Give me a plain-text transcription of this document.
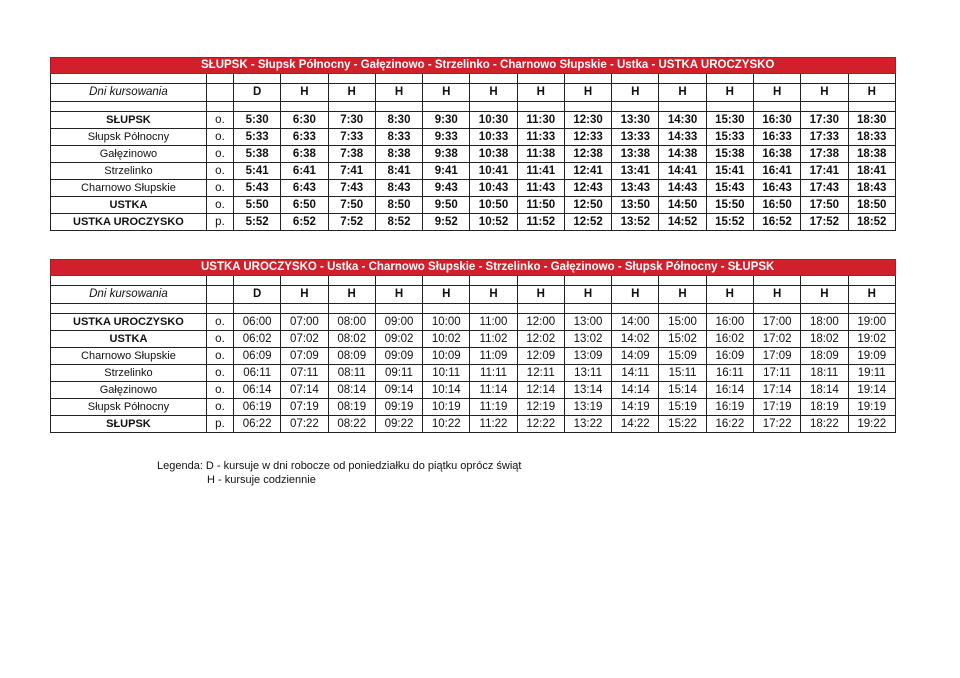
SŁUPSK - Słupsk Północny - Gałęzinowo - Strzelinko - Charnowo Słupskie - Ustka - USTKA UROCZYSKO															

Dni kursowania		D	H	H	H	H	H	H	H	H	H	H	H	H	H

SŁUPSK	o.	5:30	6:30	7:30	8:30	9:30	10:30	11:30	12:30	13:30	14:30	15:30	16:30	17:30	18:30
Słupsk Północny	o.	5:33	6:33	7:33	8:33	9:33	10:33	11:33	12:33	13:33	14:33	15:33	16:33	17:33	18:33
Gałęzinowo	o.	5:38	6:38	7:38	8:38	9:38	10:38	11:38	12:38	13:38	14:38	15:38	16:38	17:38	18:38
Strzelinko	o.	5:41	6:41	7:41	8:41	9:41	10:41	11:41	12:41	13:41	14:41	15:41	16:41	17:41	18:41
Charnowo Słupskie	o.	5:43	6:43	7:43	8:43	9:43	10:43	11:43	12:43	13:43	14:43	15:43	16:43	17:43	18:43
USTKA	o.	5:50	6:50	7:50	8:50	9:50	10:50	11:50	12:50	13:50	14:50	15:50	16:50	17:50	18:50
USTKA UROCZYSKO	p.	5:52	6:52	7:52	8:52	9:52	10:52	11:52	12:52	13:52	14:52	15:52	16:52	17:52	18:52
USTKA UROCZYSKO - Ustka - Charnowo Słupskie - Strzelinko - Gałęzinowo - Słupsk Północny - SŁUPSK															

Dni kursowania		D	H	H	H	H	H	H	H	H	H	H	H	H	H

USTKA UROCZYSKO	o.	06:00	07:00	08:00	09:00	10:00	11:00	12:00	13:00	14:00	15:00	16:00	17:00	18:00	19:00
USTKA	o.	06:02	07:02	08:02	09:02	10:02	11:02	12:02	13:02	14:02	15:02	16:02	17:02	18:02	19:02
Charnowo Słupskie	o.	06:09	07:09	08:09	09:09	10:09	11:09	12:09	13:09	14:09	15:09	16:09	17:09	18:09	19:09
Strzelinko	o.	06:11	07:11	08:11	09:11	10:11	11:11	12:11	13:11	14:11	15:11	16:11	17:11	18:11	19:11
Gałęzinowo	o.	06:14	07:14	08:14	09:14	10:14	11:14	12:14	13:14	14:14	15:14	16:14	17:14	18:14	19:14
Słupsk Północny	o.	06:19	07:19	08:19	09:19	10:19	11:19	12:19	13:19	14:19	15:19	16:19	17:19	18:19	19:19
SŁUPSK	p.	06:22	07:22	08:22	09:22	10:22	11:22	12:22	13:22	14:22	15:22	16:22	17:22	18:22	19:22
Legenda: D - kursuje w dni robocze od poniedziałku do piątku oprócz świąt
H - kursuje codziennie
